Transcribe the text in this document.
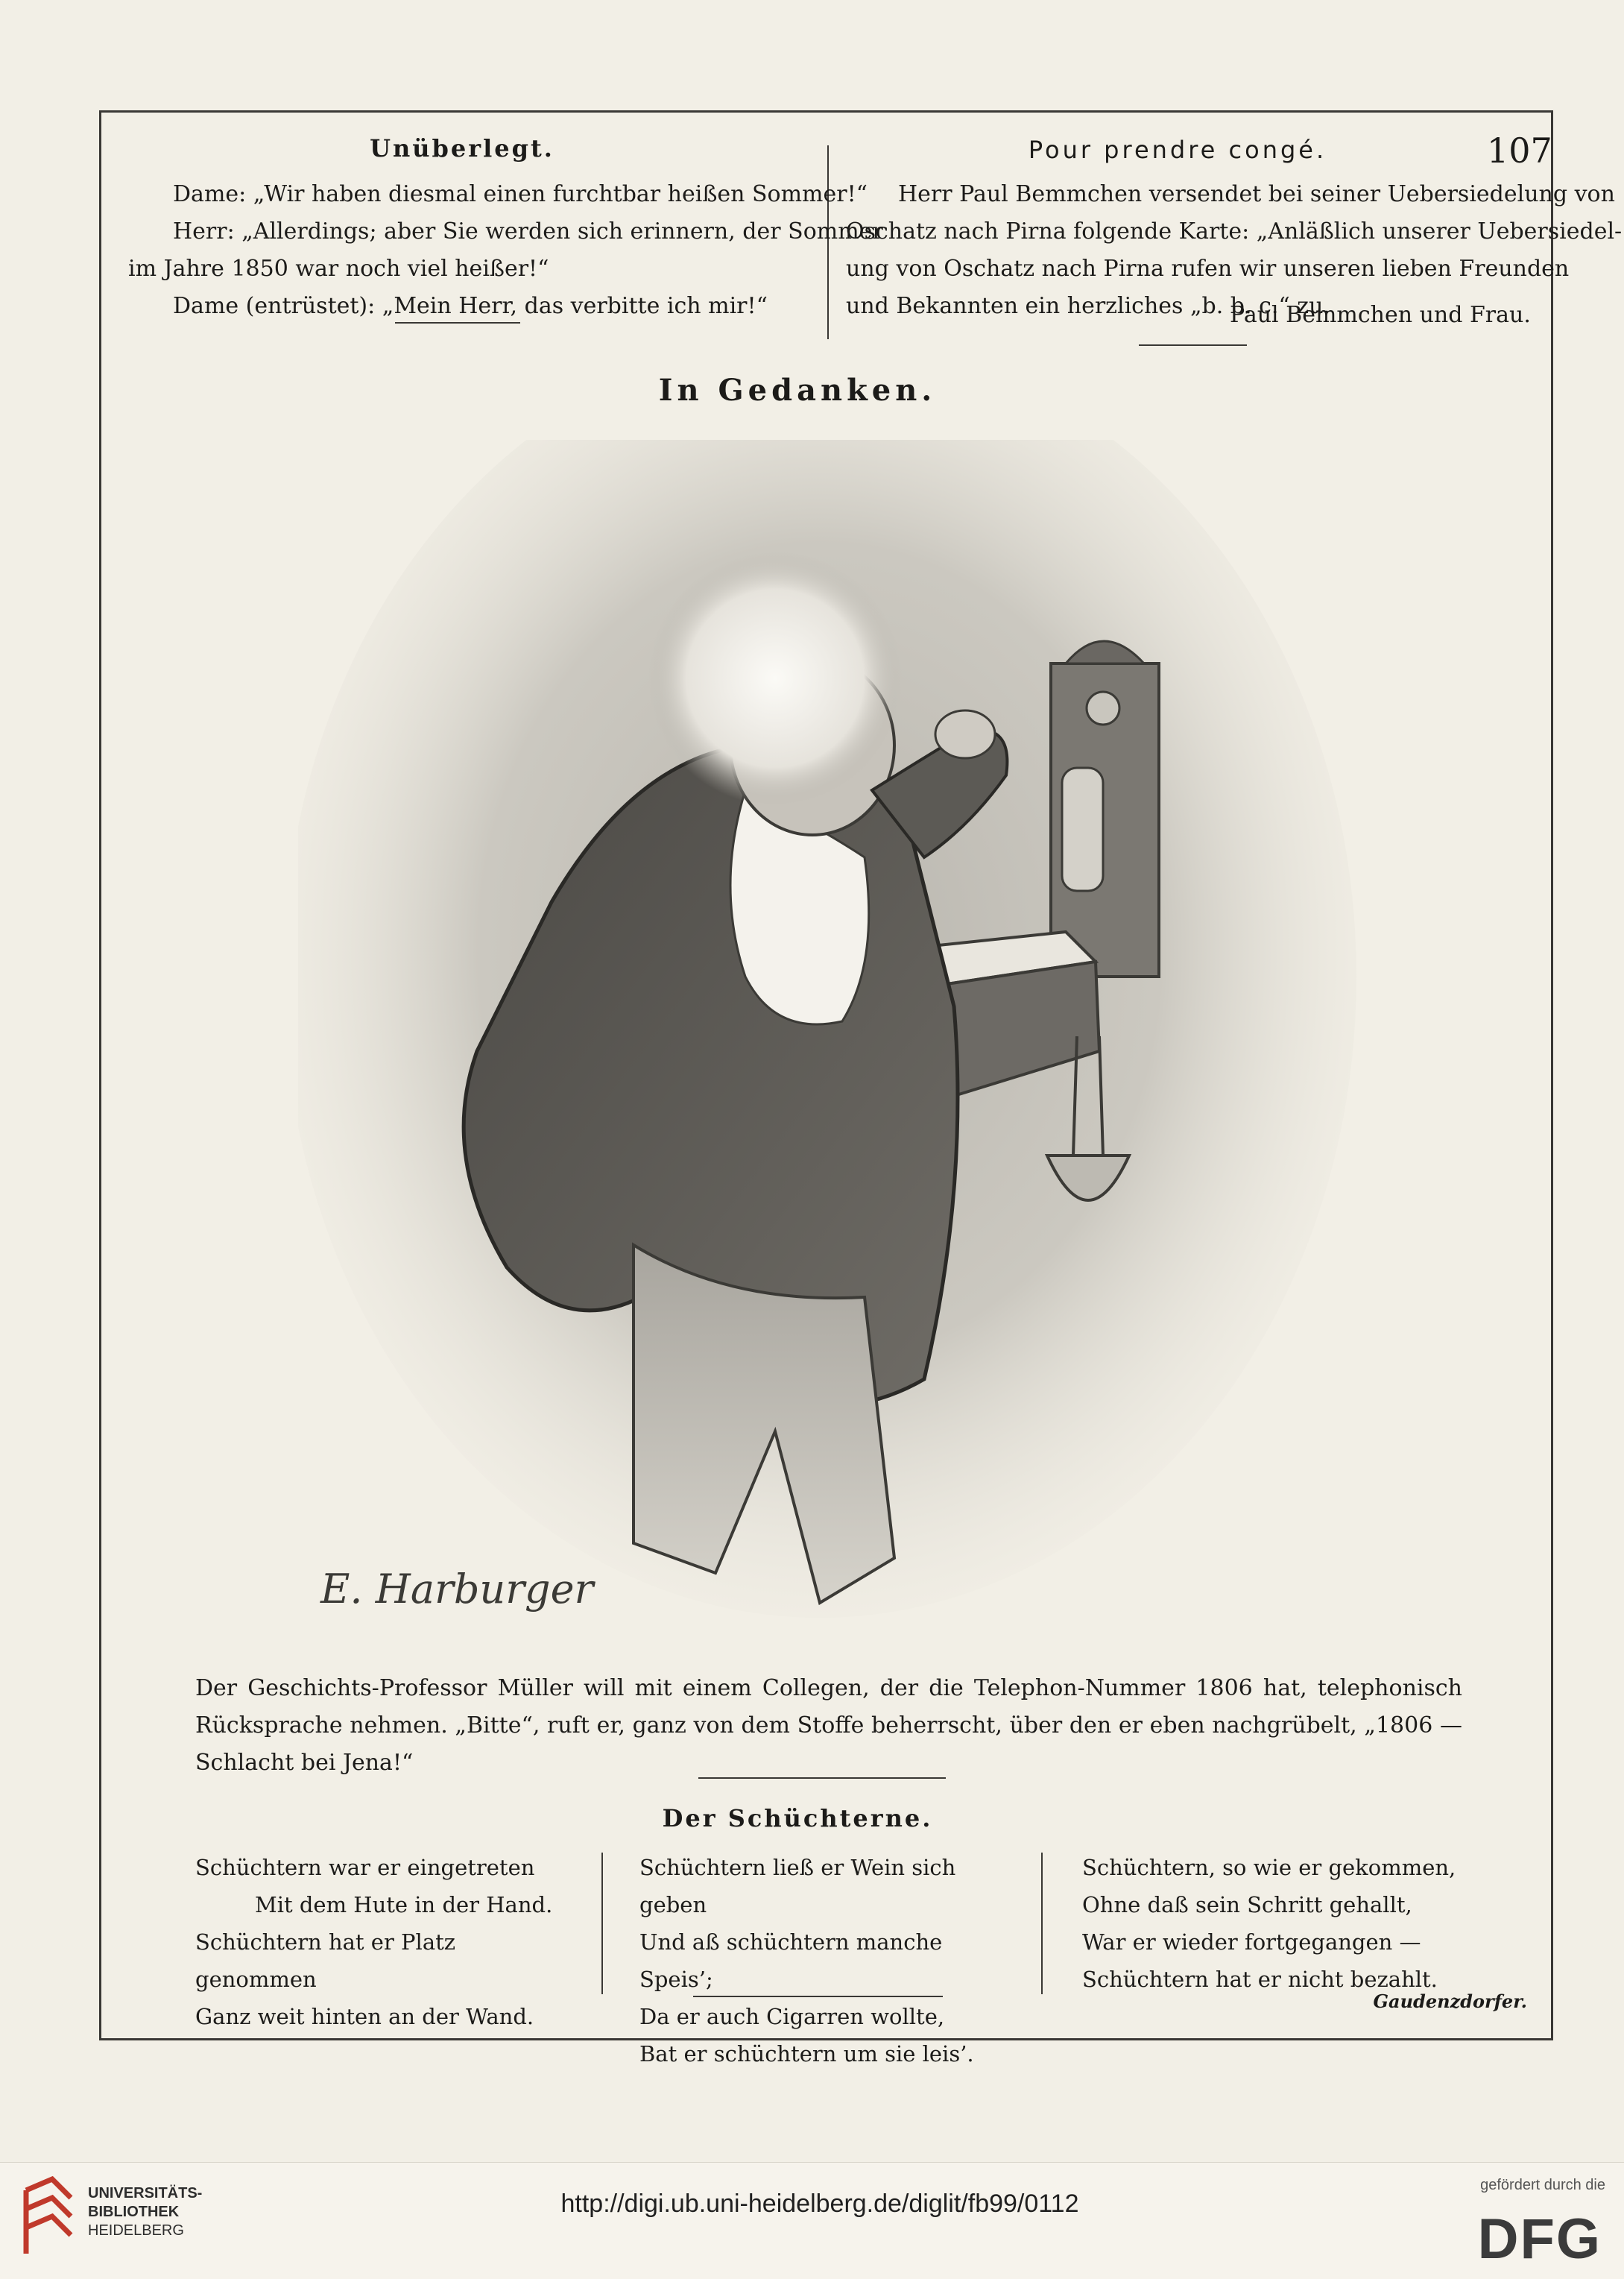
Unüberlegt.
Dame: „Wir haben diesmal einen furchtbar heißen Sommer!“
Herr: „Allerdings; aber Sie werden sich erinnern, der Sommer
im Jahre 1850 war noch viel heißer!“
Dame (entrüstet): „Mein Herr, das verbitte ich mir!“
Pour prendre congé.	107
Herr Paul Bemmchen versendet bei seiner Uebersiedelung von
Oschatz nach Pirna folgende Karte: „Anläßlich unserer Uebersiedel-
ung von Oschatz nach Pirna rufen wir unseren lieben Freunden
und Bekannten ein herzliches „b. b. c.“ zu.
Paul Bemmchen und Frau.
In Gedanken.
E. Harburger
Der Geschichts-Professor Müller will mit einem Collegen, der die Telephon-Nummer 1806 hat, telephonisch Rücksprache nehmen. „Bitte“, ruft er, ganz von dem Stoffe beherrscht, über den er eben nachgrübelt, „1806 — Schlacht bei Jena!“
Der Schüchterne.
Schüchtern war er eingetreten
Mit dem Hute in der Hand.
Schüchtern hat er Platz genommen
Ganz weit hinten an der Wand.
Schüchtern ließ er Wein sich geben
Und aß schüchtern manche Speis’;
Da er auch Cigarren wollte,
Bat er schüchtern um sie leis’.
Schüchtern, so wie er gekommen,
Ohne daß sein Schritt gehallt,
War er wieder fortgegangen —
Schüchtern hat er nicht bezahlt.
Gaudenzdorfer.
UNIVERSITÄTS-
BIBLIOTHEK
HEIDELBERG
http://digi.ub.uni-heidelberg.de/diglit/fb99/0112
gefördert durch die
DFG
